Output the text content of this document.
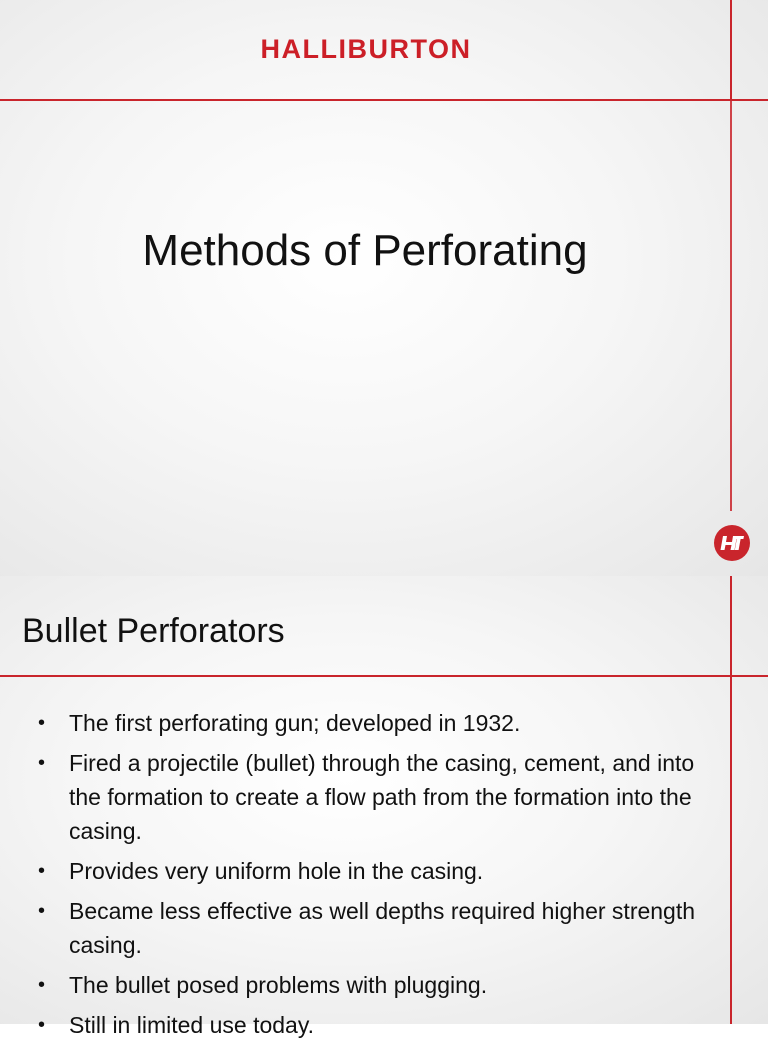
HALLIBURTON
Methods of Perforating
Bullet Perforators
• The first perforating gun; developed in 1932.
• Fired a projectile (bullet) through the casing, cement, and into the formation to create a flow path from the formation into the casing.
• Provides very uniform hole in the casing.
• Became less effective as well depths required higher strength casing.
• The bullet posed problems with plugging.
• Still in limited use today.
